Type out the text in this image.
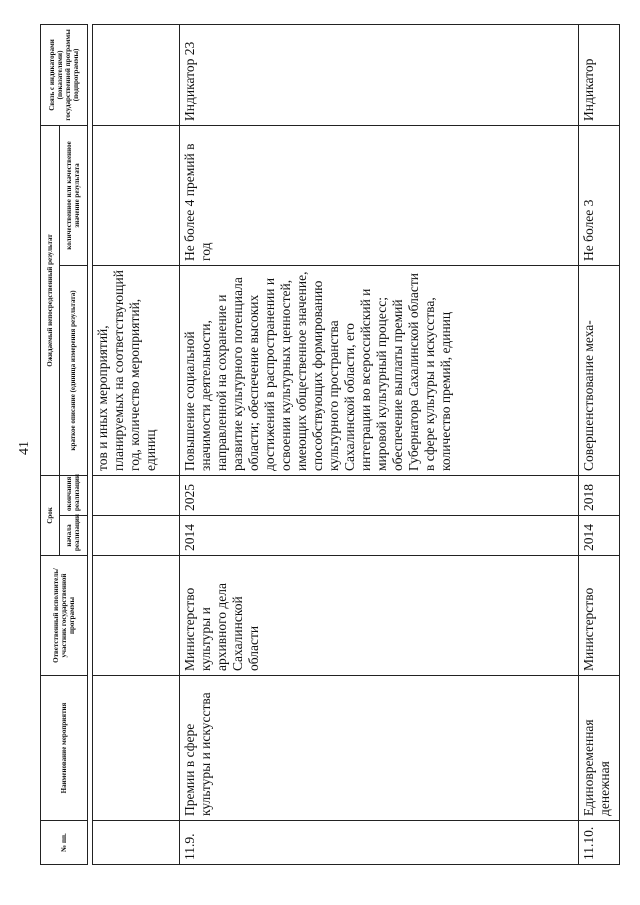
41
№ пп.	Наименование мероприятия	Ответственный исполнитель/участник государственной программы	Срок		Ожидаемый непосредственный результат		Связь с индикаторами (показателями) государственной программы (подпрограммы)
			начала реализации	окончания реализации	краткое описание (единица измерения результата)	количественное или качественное значение результата	

					тов и иных мероприятий, планируемых на соответствующий год, количество мероприятий, единиц		
11.9.	Премии в сфере культуры и искусства	Министерство культуры и архивного дела Сахалинской области	2014	2025	Повышение социальной значимости деятельности, направленной на сохранение и развитие культурного потенциала области; обеспечение высоких достижений в распространении и освоении культурных ценностей, имеющих общественное значение, способствующих формированию культурного пространства Сахалинской области, его интеграции во всероссийский и мировой культурный процесс; обеспечение выплаты премий Губернатора Сахалинской области в сфере культуры и искусства, количество премий, единиц	Не более 4 премий в год	Индикатор 23
11.10.	Единовременная денежная	Министерство	2014	2018	Совершенствование меха-	Не более 3	Индикатор
